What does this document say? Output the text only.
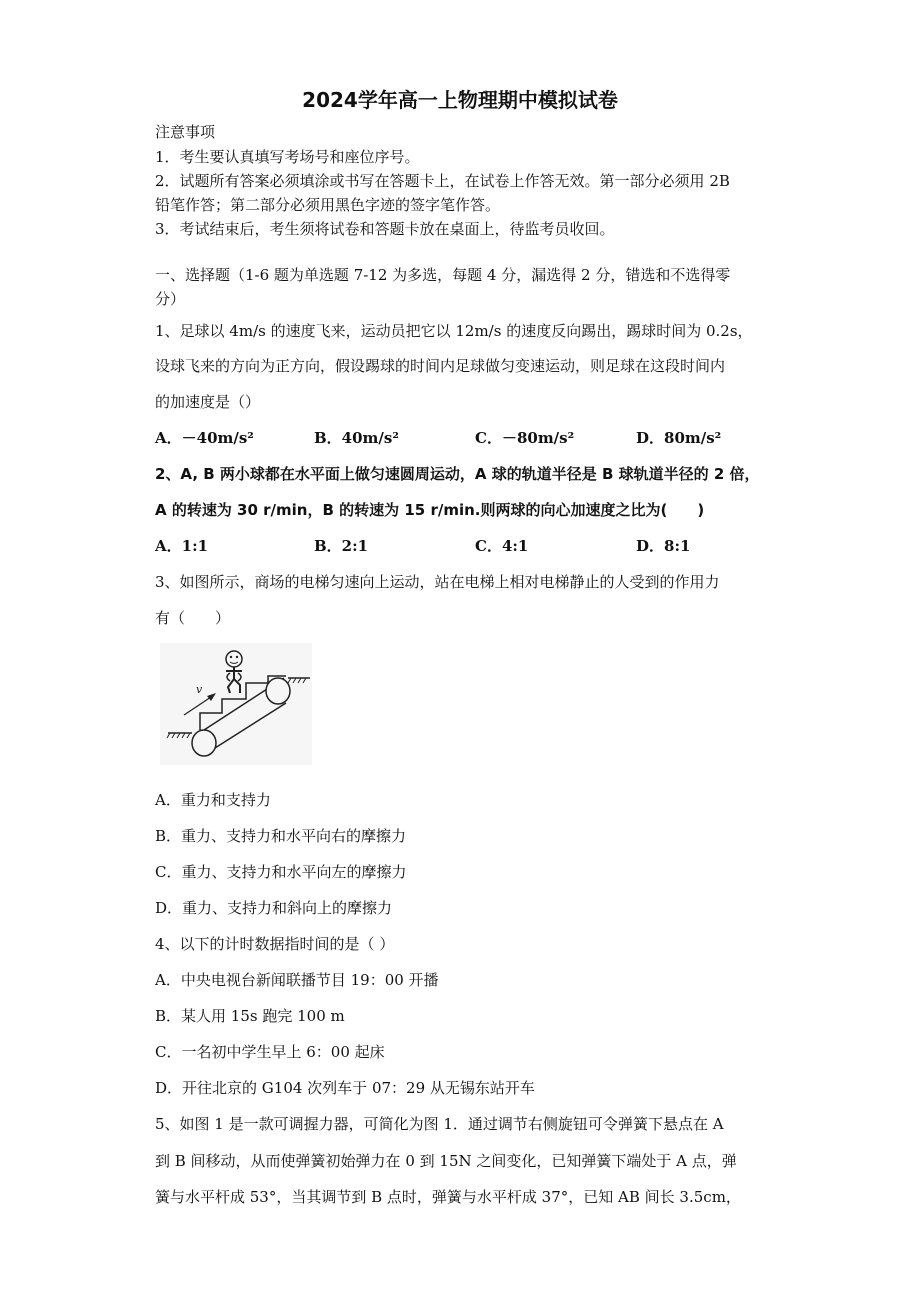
2024学年高一上物理期中模拟试卷
注意事项
1．考生要认真填写考场号和座位序号。
2．试题所有答案必须填涂或书写在答题卡上，在试卷上作答无效。第一部分必须用 2B
铅笔作答；第二部分必须用黑色字迹的签字笔作答。
3．考试结束后，考生须将试卷和答题卡放在桌面上，待监考员收回。
一、选择题（1-6 题为单选题 7-12 为多选，每题 4 分，漏选得 2 分，错选和不选得零
分）
1、足球以 4m/s 的速度飞来，运动员把它以 12m/s 的速度反向踢出，踢球时间为 0.2s，
设球飞来的方向为正方向，假设踢球的时间内足球做匀变速运动，则足球在这段时间内
的加速度是（）
A．－40m/s²	B．40m/s²	C．－80m/s²	D．80m/s²
2、A, B 两小球都在水平面上做匀速圆周运动，A 球的轨道半径是 B 球轨道半径的 2 倍，
A 的转速为 30 r/min，B 的转速为 15 r/min.则两球的向心加速度之比为(　　)
A．1:1	B．2:1	C．4:1	D．8:1
3、如图所示，商场的电梯匀速向上运动，站在电梯上相对电梯静止的人受到的作用力
有（　　）
v
A．重力和支持力
B．重力、支持力和水平向右的摩擦力
C．重力、支持力和水平向左的摩擦力
D．重力、支持力和斜向上的摩擦力
4、以下的计时数据指时间的是（ ）
A．中央电视台新闻联播节目 19：00 开播
B．某人用 15s 跑完 100 m
C．一名初中学生早上 6：00 起床
D．开往北京的 G104 次列车于 07：29 从无锡东站开车
5、如图 1 是一款可调握力器，可简化为图 1．通过调节右侧旋钮可令弹簧下悬点在 A
到 B 间移动，从而使弹簧初始弹力在 0 到 15N 之间变化，已知弹簧下端处于 A 点，弹
簧与水平杆成 53°，当其调节到 B 点时，弹簧与水平杆成 37°，已知 AB 间长 3.5cm，
